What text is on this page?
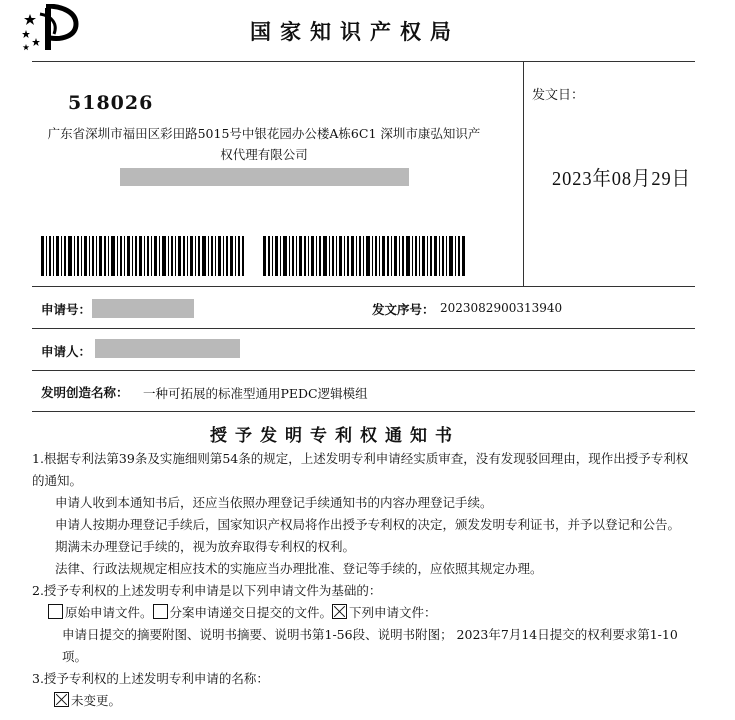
国家知识产权局
518026
广东省深圳市福田区彩田路5015号中银花园办公楼A栋6C1 深圳市康弘知识产权代理有限公司
发文日：
2023年08月29日
申请号：	发文序号： 2023082900313940
申请人：
发明创造名称： 一种可拓展的标准型通用PEDC逻辑模组
授予发明专利权通知书

1.根据专利法第39条及实施细则第54条的规定，上述发明专利申请经实质审查，没有发现驳回理由，现作出授予专利权的通知。

申请人收到本通知书后，还应当依照办理登记手续通知书的内容办理登记手续。

申请人按期办理登记手续后，国家知识产权局将作出授予专利权的决定，颁发发明专利证书，并予以登记和公告。

期满未办理登记手续的，视为放弃取得专利权的权利。

法律、行政法规规定相应技术的实施应当办理批准、登记等手续的，应依照其规定办理。

2.授予专利权的上述发明专利申请是以下列申请文件为基础的：

原始申请文件。 分案申请递交日提交的文件。 下列申请文件：

申请日提交的摘要附图、说明书摘要、说明书第1-56段、说明书附图； 2023年7月14日提交的权利要求第1-10项。

3.授予专利权的上述发明专利申请的名称：

未变更。
